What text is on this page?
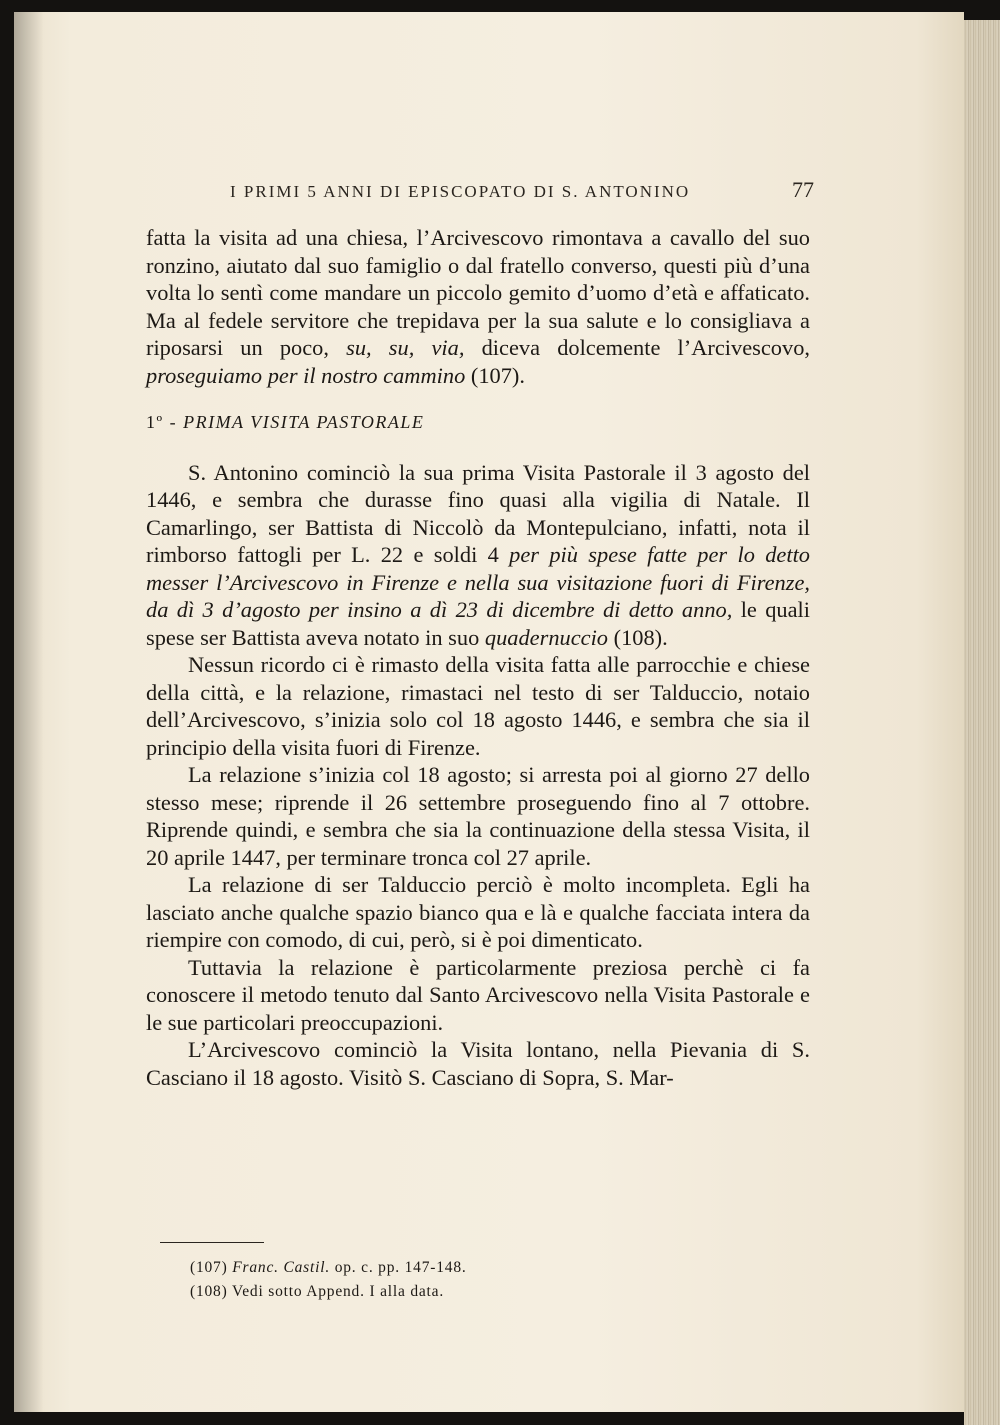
I PRIMI 5 ANNI DI EPISCOPATO DI S. ANTONINO	77

fatta la visita ad una chiesa, l’Arcivescovo rimontava a cavallo del suo ronzino, aiutato dal suo famiglio o dal fratello converso, questi più d’una volta lo sentì come mandare un piccolo gemito d’uomo d’età e affaticato. Ma al fedele servitore che trepidava per la sua salute e lo consigliava a riposarsi un poco, su, su, via, diceva dolcemente l’Arcivescovo, proseguiamo per il nostro cammino (107).

1º - PRIMA VISITA PASTORALE

S. Antonino cominciò la sua prima Visita Pastorale il 3 agosto del 1446, e sembra che durasse fino quasi alla vigilia di Natale. Il Camarlingo, ser Battista di Niccolò da Montepulciano, infatti, nota il rimborso fattogli per L. 22 e soldi 4 per più spese fatte per lo detto messer l’Arcivescovo in Firenze e nella sua visitazione fuori di Firenze, da dì 3 d’agosto per insino a dì 23 di dicembre di detto anno, le quali spese ser Battista aveva notato in suo quadernuccio (108).

Nessun ricordo ci è rimasto della visita fatta alle parrocchie e chiese della città, e la relazione, rimastaci nel testo di ser Talduccio, notaio dell’Arcivescovo, s’inizia solo col 18 agosto 1446, e sembra che sia il principio della visita fuori di Firenze.

La relazione s’inizia col 18 agosto; si arresta poi al giorno 27 dello stesso mese; riprende il 26 settembre proseguendo fino al 7 ottobre. Riprende quindi, e sembra che sia la continuazione della stessa Visita, il 20 aprile 1447, per terminare tronca col 27 aprile.

La relazione di ser Talduccio perciò è molto incompleta. Egli ha lasciato anche qualche spazio bianco qua e là e qualche facciata intera da riempire con comodo, di cui, però, si è poi dimenticato.

Tuttavia la relazione è particolarmente preziosa perchè ci fa conoscere il metodo tenuto dal Santo Arcivescovo nella Visita Pastorale e le sue particolari preoccupazioni.

L’Arcivescovo cominciò la Visita lontano, nella Pievania di S. Casciano il 18 agosto. Visitò S. Casciano di Sopra, S. Mar-

(107) Franc. Castil. op. c. pp. 147-148.
(108) Vedi sotto Append. I alla data.
